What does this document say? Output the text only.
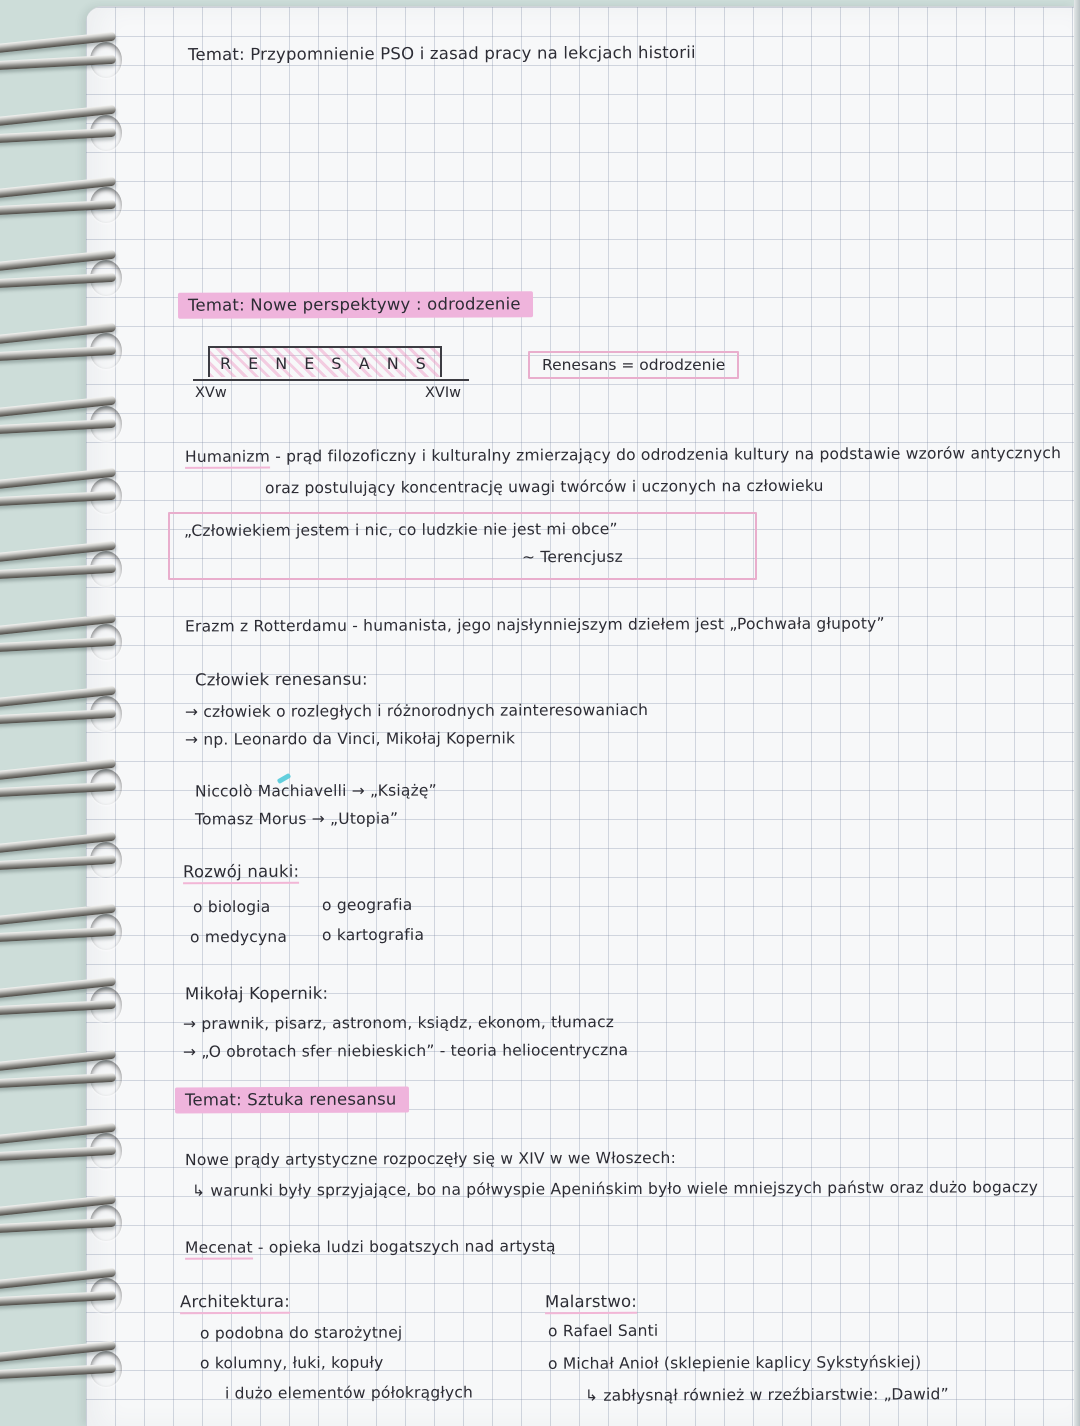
Temat: Przypomnienie PSO i zasad pracy na lekcjach historii
Temat: Nowe perspektywy : odrodzenie
RENESANS
XVw	XVIw
Renesans = odrodzenie
Humanizm - prąd filozoficzny i kulturalny zmierzający do odrodzenia kultury na podstawie wzorów antycznych
oraz postulujący koncentrację uwagi twórców i uczonych na człowieku
„Człowiekiem jestem i nic, co ludzkie nie jest mi obce”
~ Terencjusz
Erazm z Rotterdamu - humanista, jego najsłynniejszym dziełem jest „Pochwała głupoty”
Człowiek renesansu:
→ człowiek o rozległych i różnorodnych zainteresowaniach
→ np. Leonardo da Vinci, Mikołaj Kopernik
Niccolò Machiavelli → „Książę”
Tomasz Morus → „Utopia”
Rozwój nauki:
o biologia
o medycyna
o geografia
o kartografia
Mikołaj Kopernik:
→ prawnik, pisarz, astronom, ksiądz, ekonom, tłumacz
→ „O obrotach sfer niebieskich” - teoria heliocentryczna
Temat: Sztuka renesansu
Nowe prądy artystyczne rozpoczęły się w XIV w we Włoszech:
↳ warunki były sprzyjające, bo na półwyspie Apenińskim było wiele mniejszych państw oraz dużo bogaczy
Mecenat - opieka ludzi bogatszych nad artystą
Architektura:
o podobna do starożytnej
o kolumny, łuki, kopuły
i dużo elementów półokrągłych
Malarstwo:
o Rafael Santi
o Michał Anioł (sklepienie kaplicy Sykstyńskiej)
↳ zabłysnął również w rzeźbiarstwie: „Dawid”
